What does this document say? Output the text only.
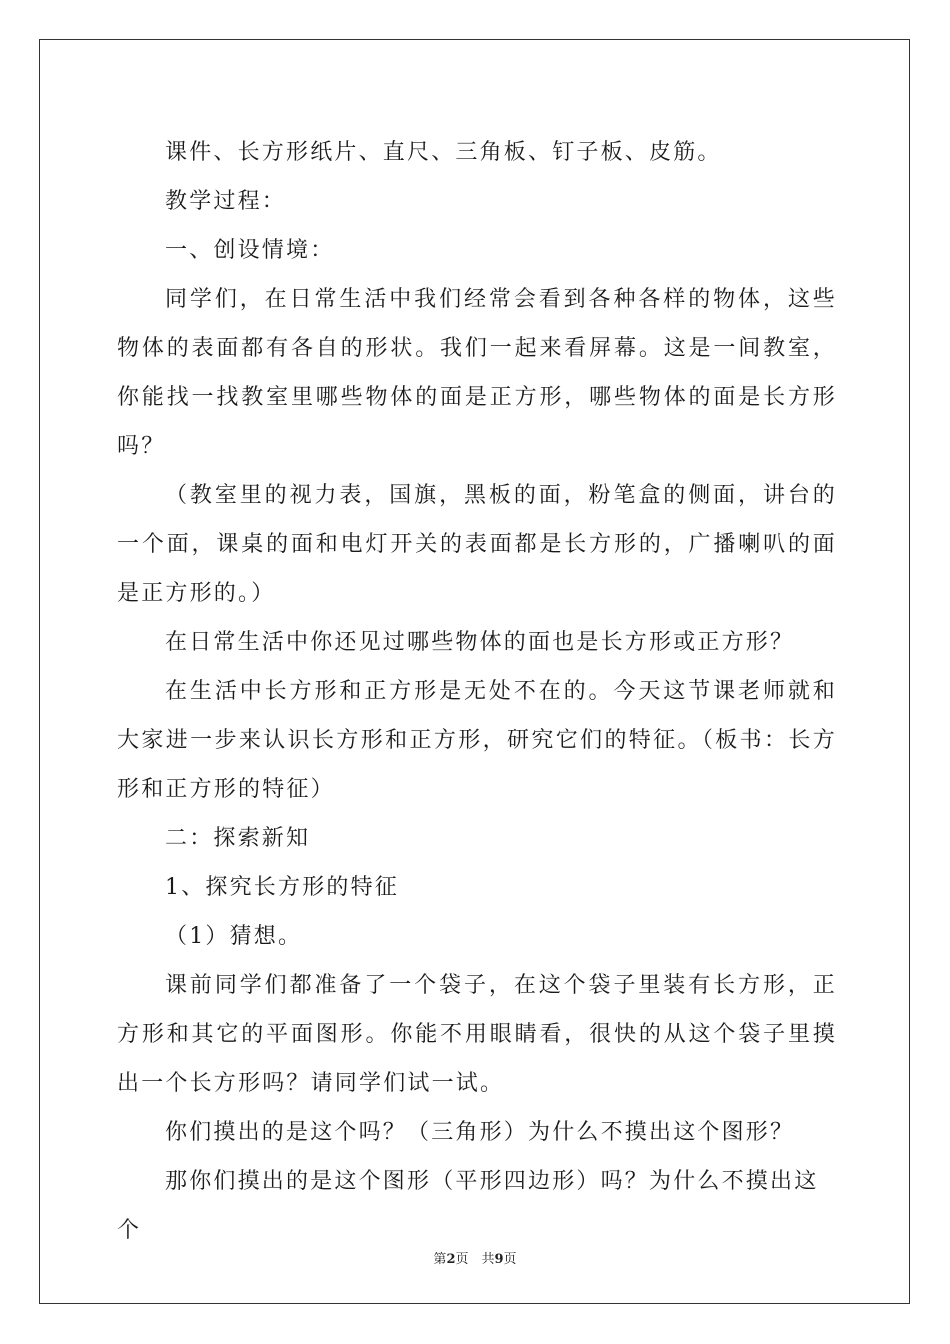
课件、长方形纸片、直尺、三角板、钉子板、皮筋。

教学过程：

一、创设情境：

同学们，在日常生活中我们经常会看到各种各样的物体，这些物体的表面都有各自的形状。我们一起来看屏幕。这是一间教室，你能找一找教室里哪些物体的面是正方形，哪些物体的面是长方形吗？

（教室里的视力表，国旗，黑板的面，粉笔盒的侧面，讲台的一个面，课桌的面和电灯开关的表面都是长方形的，广播喇叭的面是正方形的。）

在日常生活中你还见过哪些物体的面也是长方形或正方形？

在生活中长方形和正方形是无处不在的。今天这节课老师就和大家进一步来认识长方形和正方形，研究它们的特征。（板书：长方形和正方形的特征）

二：探索新知

1、探究长方形的特征

（1）猜想。

课前同学们都准备了一个袋子，在这个袋子里装有长方形，正方形和其它的平面图形。你能不用眼睛看，很快的从这个袋子里摸出一个长方形吗？请同学们试一试。

你们摸出的是这个吗？（三角形）为什么不摸出这个图形？

那你们摸出的是这个图形（平形四边形）吗？为什么不摸出这个

第2页　共9页
